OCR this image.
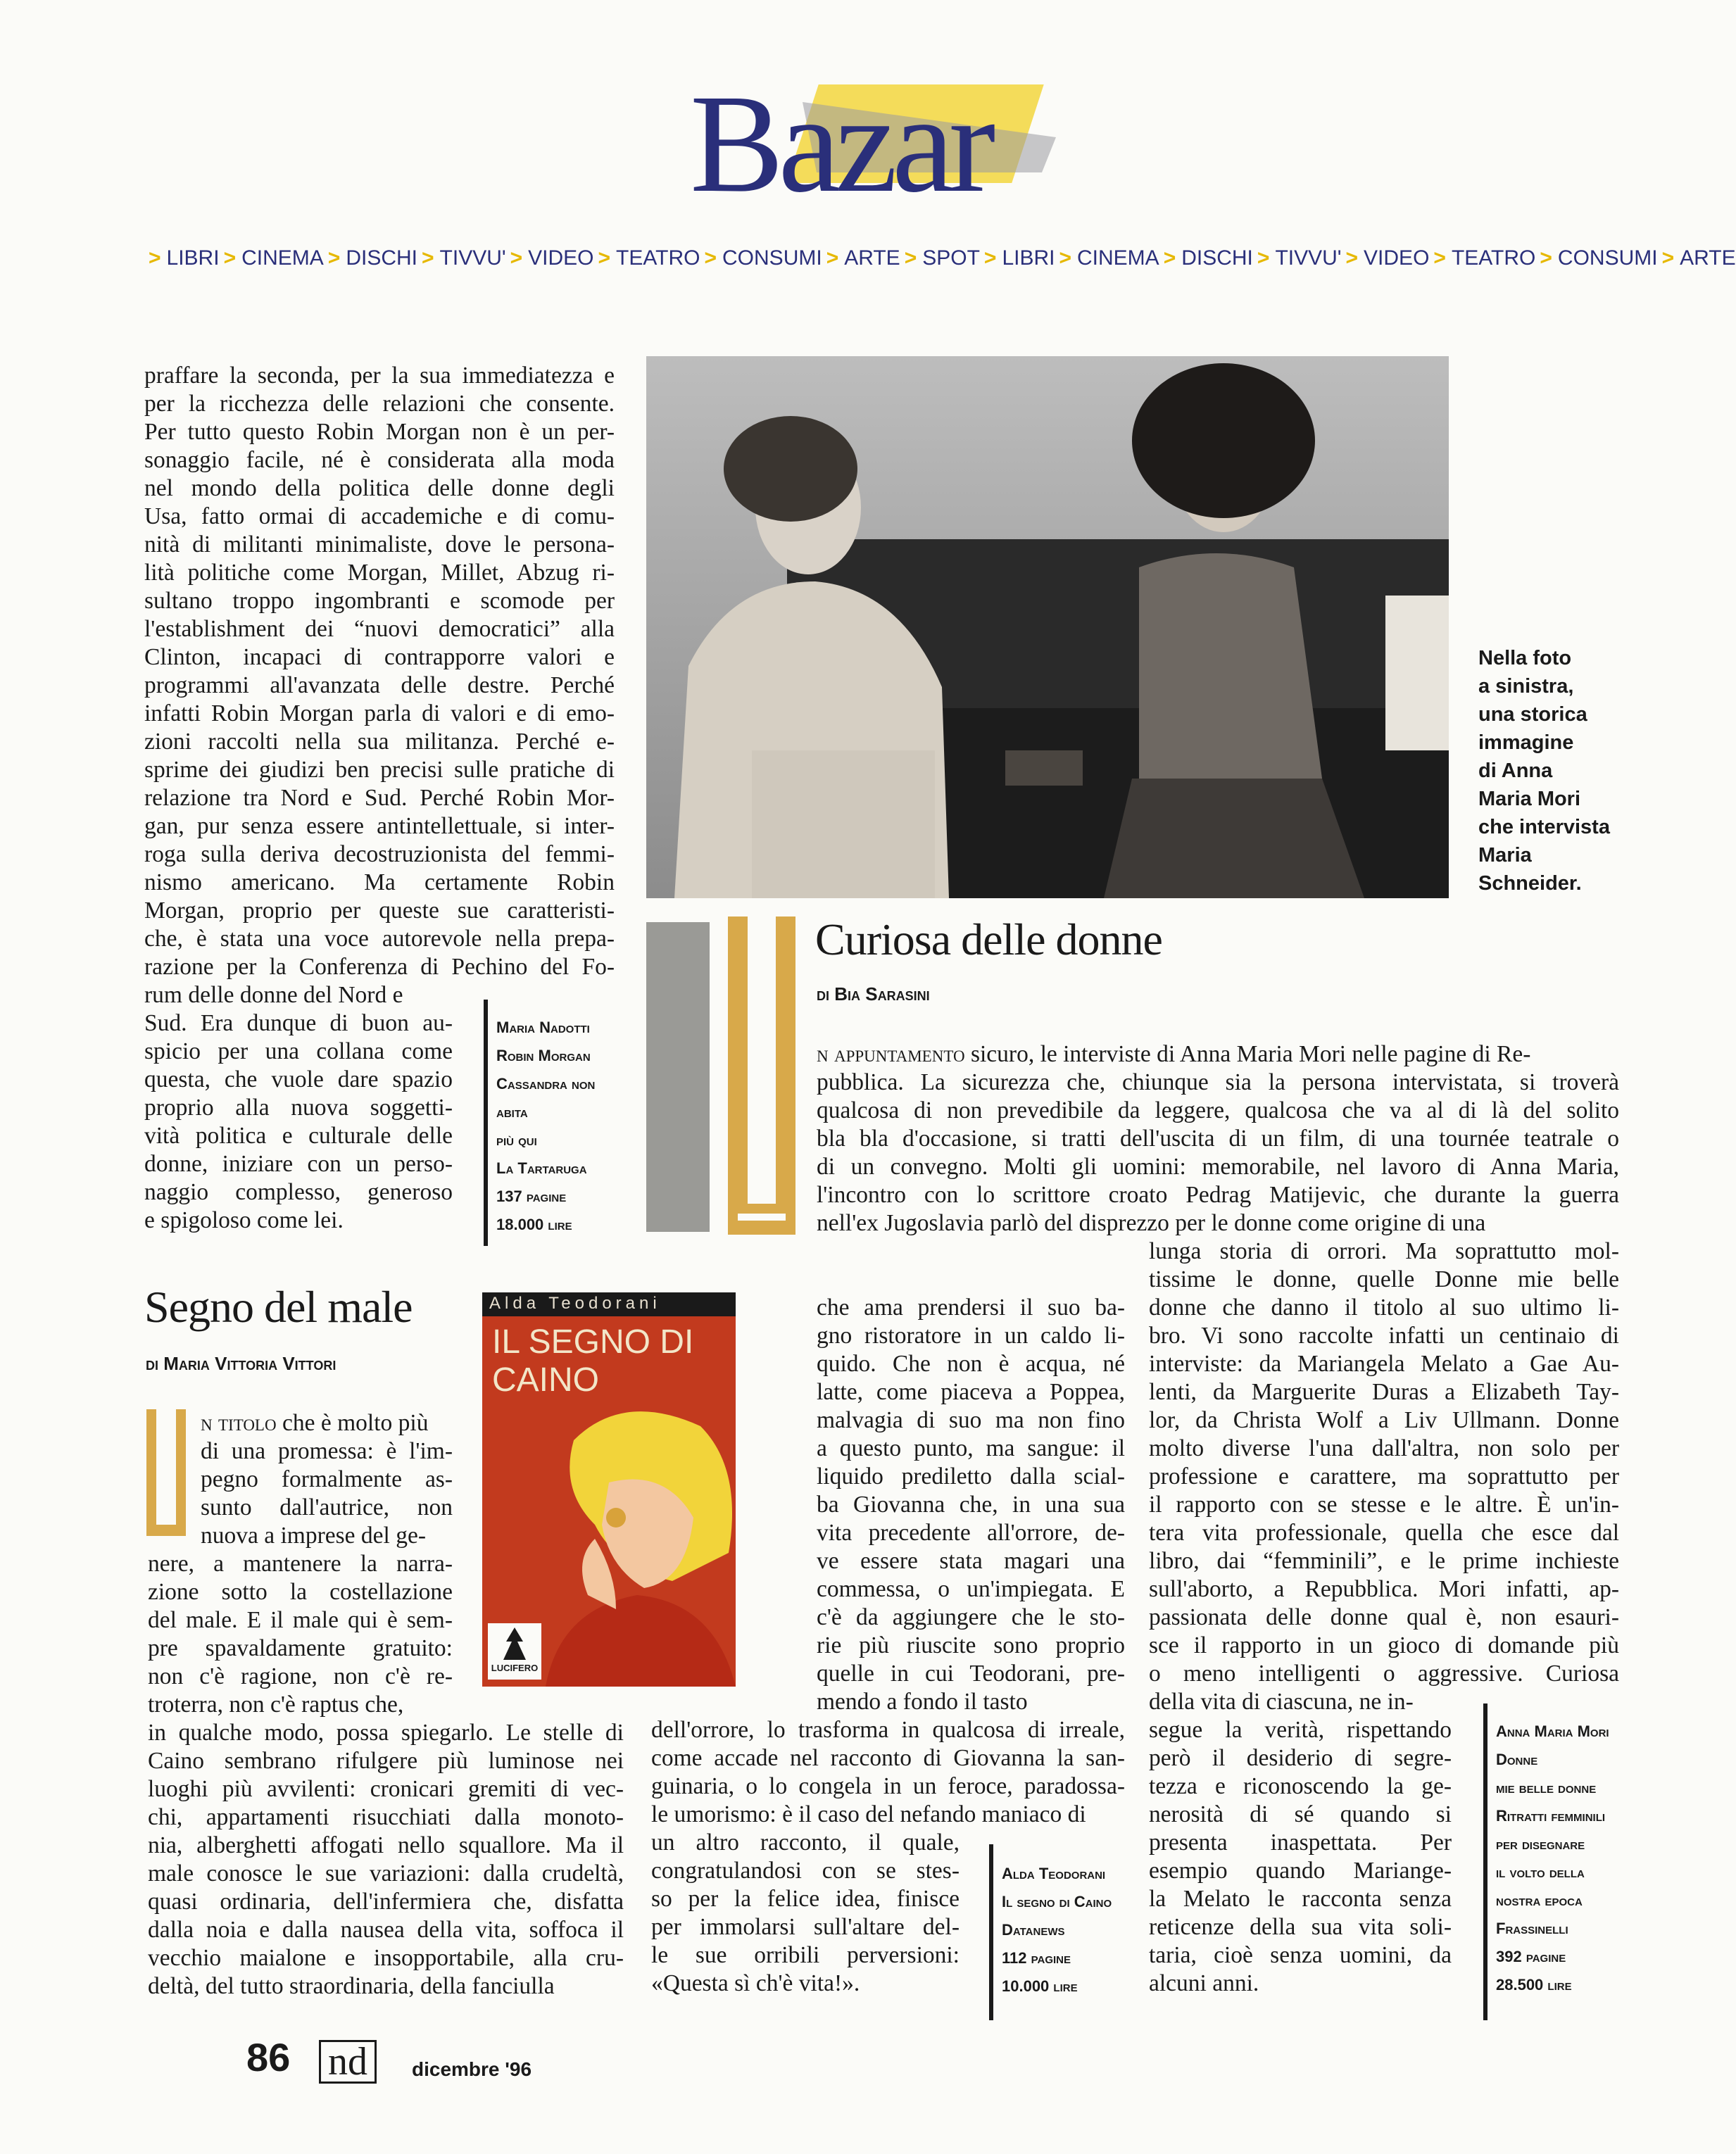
Bazar
> LIBRI > CINEMA > DISCHI > TIVVU' > VIDEO > TEATRO > CONSUMI > ARTE > SPOT > LIBRI > CINEMA > DISCHI > TIVVU' > VIDEO > TEATRO > CONSUMI > ARTE
praffare la seconda, per la sua immediatezza e
per la ricchezza delle relazioni che consente.
Per tutto questo Robin Morgan non è un per-
sonaggio facile, né è considerata alla moda
nel mondo della politica delle donne degli
Usa, fatto ormai di accademiche e di comu-
nità di militanti minimaliste, dove le persona-
lità politiche come Morgan, Millet, Abzug ri-
sultano troppo ingombranti e scomode per
l'establishment dei “nuovi democratici” alla
Clinton, incapaci di contrapporre valori e
programmi all'avanzata delle destre. Perché
infatti Robin Morgan parla di valori e di emo-
zioni raccolti nella sua militanza. Perché e-
sprime dei giudizi ben precisi sulle pratiche di
relazione tra Nord e Sud. Perché Robin Mor-
gan, pur senza essere antintellettuale, si inter-
roga sulla deriva decostruzionista del femmi-
nismo americano. Ma certamente Robin
Morgan, proprio per queste sue caratteristi-
che, è stata una voce autorevole nella prepa-
razione per la Conferenza di Pechino del Fo-
rum delle donne del Nord e
Sud. Era dunque di buon au-
spicio per una collana come
questa, che vuole dare spazio
proprio alla nuova soggetti-
vità politica e culturale delle
donne, iniziare con un perso-
naggio complesso, generoso
e spigoloso come lei.
Maria Nadotti
Robin Morgan
Cassandra non
abita
più qui
La Tartaruga
137 pagine
18.000 lire
Nella foto
a sinistra,
una storica
immagine
di Anna
Maria Mori
che intervista
Maria
Schneider.
Curiosa delle donne
di Bia Sarasini
n appuntamento sicuro, le interviste di Anna Maria Mori nelle pagine di Re-
pubblica. La sicurezza che, chiunque sia la persona intervistata, si troverà
qualcosa di non prevedibile da leggere, qualcosa che va al di là del solito
bla bla d'occasione, si tratti dell'uscita di un film, di una tournée teatrale o
di un convegno. Molti gli uomini: memorabile, nel lavoro di Anna Maria,
l'incontro con lo scrittore croato Pedrag Matijevic, che durante la guerra
nell'ex Jugoslavia parlò del disprezzo per le donne come origine di una
lunga storia di orrori. Ma soprattutto mol-
tissime le donne, quelle Donne mie belle
donne che danno il titolo al suo ultimo li-
bro. Vi sono raccolte infatti un centinaio di
interviste: da Mariangela Melato a Gae Au-
lenti, da Marguerite Duras a Elizabeth Tay-
lor, da Christa Wolf a Liv Ullmann. Donne
molto diverse l'una dall'altra, non solo per
professione e carattere, ma soprattutto per
il rapporto con se stesse e le altre. È un'in-
tera vita professionale, quella che esce dal
libro, dai “femminili”, e le prime inchieste
sull'aborto, a Repubblica. Mori infatti, ap-
passionata delle donne qual è, non esauri-
sce il rapporto in un gioco di domande più
o meno intelligenti o aggressive. Curiosa
della vita di ciascuna, ne in-
segue la verità, rispettando
però il desiderio di segre-
tezza e riconoscendo la ge-
nerosità di sé quando si
presenta inaspettata. Per
esempio quando Mariange-
la Melato le racconta senza
reticenze della sua vita soli-
taria, cioè senza uomini, da
alcuni anni.
Anna Maria Mori
Donne
mie belle donne
Ritratti femminili
per disegnare
il volto della
nostra epoca
Frassinelli
392 pagine
28.500 lire
Segno del male
di Maria Vittoria Vittori
n titolo che è molto più
di una promessa: è l'im-
pegno formalmente as-
sunto dall'autrice, non
nuova a imprese del ge-
nere, a mantenere la narra-
zione sotto la costellazione
del male. E il male qui è sem-
pre spavaldamente gratuito:
non c'è ragione, non c'è re-
troterra, non c'è raptus che,
in qualche modo, possa spiegarlo. Le stelle di
Caino sembrano rifulgere più luminose nei
luoghi più avvilenti: cronicari gremiti di vec-
chi, appartamenti risucchiati dalla monoto-
nia, alberghetti affogati nello squallore. Ma il
male conosce le sue variazioni: dalla crudeltà,
quasi ordinaria, dell'infermiera che, disfatta
dalla noia e dalla nausea della vita, soffoca il
vecchio maialone e insopportabile, alla cru-
deltà, del tutto straordinaria, della fanciulla
Alda Teodorani
IL SEGNO DI CAINO
LUCIFERO
che ama prendersi il suo ba-
gno ristoratore in un caldo li-
quido. Che non è acqua, né
latte, come piaceva a Poppea,
malvagia di suo ma non fino
a questo punto, ma sangue: il
liquido prediletto dalla scial-
ba Giovanna che, in una sua
vita precedente all'orrore, de-
ve essere stata magari una
commessa, o un'impiegata. E
c'è da aggiungere che le sto-
rie più riuscite sono proprio
quelle in cui Teodorani, pre-
mendo a fondo il tasto
dell'orrore, lo trasforma in qualcosa di irreale,
come accade nel racconto di Giovanna la san-
guinaria, o lo congela in un feroce, paradossa-
le umorismo: è il caso del nefando maniaco di
un altro racconto, il quale,
congratulandosi con se stes-
so per la felice idea, finisce
per immolarsi sull'altare del-
le sue orribili perversioni:
«Questa sì ch'è vita!».
Alda Teodorani
Il segno di Caino
Datanews
112 pagine
10.000 lire
86 nd	dicembre '96
